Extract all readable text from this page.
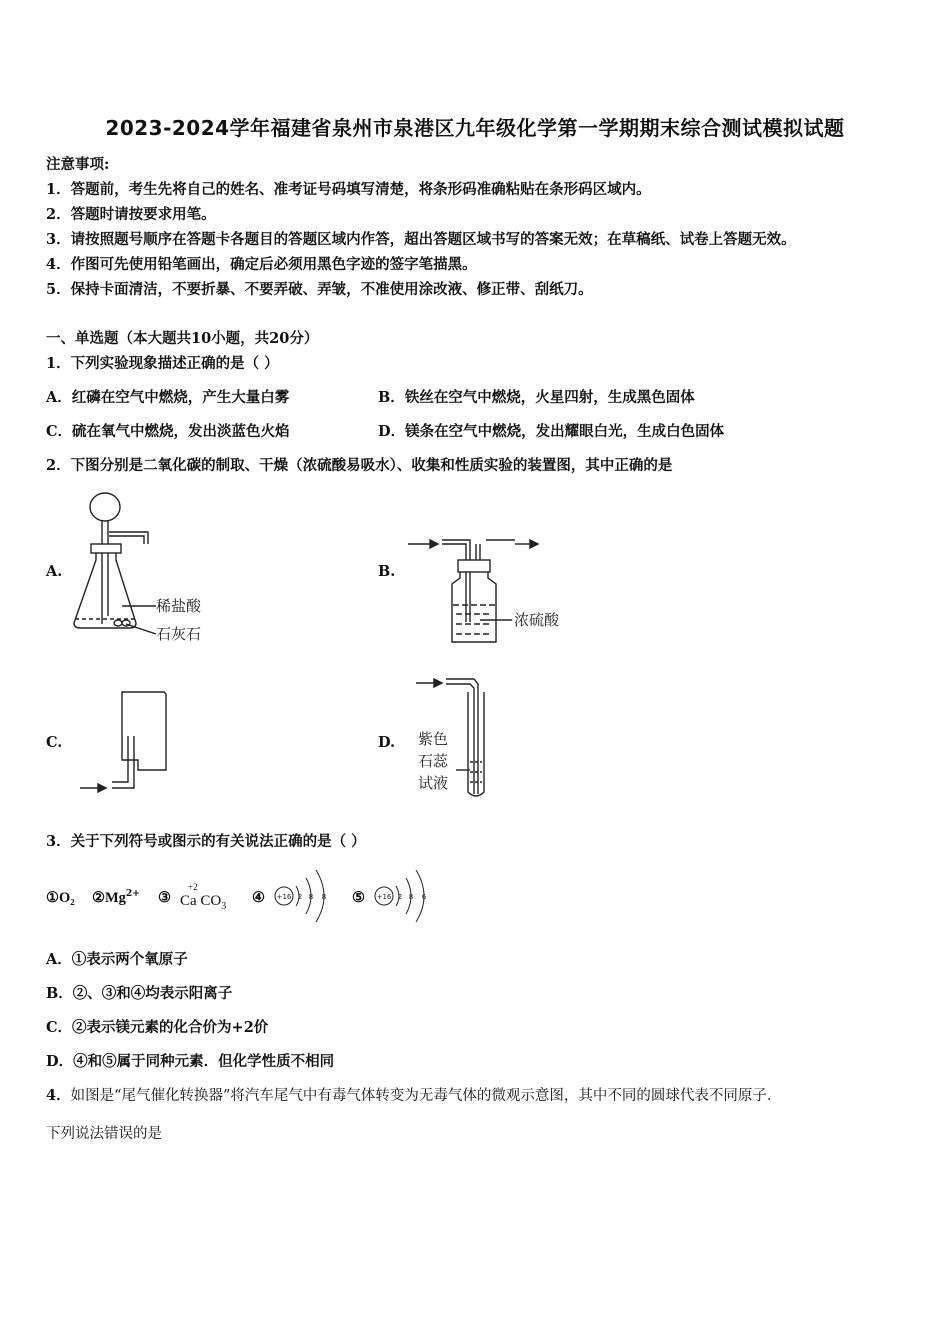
2023-2024学年福建省泉州市泉港区九年级化学第一学期期末综合测试模拟试题
注意事项:
1．答题前，考生先将自己的姓名、准考证号码填写清楚，将条形码准确粘贴在条形码区域内。
2．答题时请按要求用笔。
3．请按照题号顺序在答题卡各题目的答题区域内作答，超出答题区域书写的答案无效；在草稿纸、试卷上答题无效。
4．作图可先使用铅笔画出，确定后必须用黑色字迹的签字笔描黑。
5．保持卡面清洁，不要折暴、不要弄破、弄皱，不准使用涂改液、修正带、刮纸刀。
一、单选题（本大题共10小题，共20分）
1．下列实验现象描述正确的是（ ）
A．红磷在空气中燃烧，产生大量白雾	B．铁丝在空气中燃烧，火星四射，生成黑色固体
C．硫在氧气中燃烧，发出淡蓝色火焰	D．镁条在空气中燃烧，发出耀眼白光，生成白色固体
2．下图分别是二氧化碳的制取、干燥（浓硫酸易吸水）、收集和性质实验的装置图，其中正确的是
A.	B.
C.	D.
稀盐酸
石灰石
浓硫酸
紫色
石蕊
试液
3．关于下列符号或图示的有关说法正确的是（ ）
①O₂ $②Mg^{2+}$ ③
+2
Ca $CO_3$
④ +16 2 8 8 ⑤ +16 2 8 6
A．①表示两个氧原子
B．②、③和④均表示阳离子
C．②表示镁元素的化合价为+2价
D．④和⑤属于同种元素．但化学性质不相同
4．如图是“尾气催化转换器”将汽车尾气中有毒气体转变为无毒气体的微观示意图，其中不同的圆球代表不同原子．
下列说法错误的是
